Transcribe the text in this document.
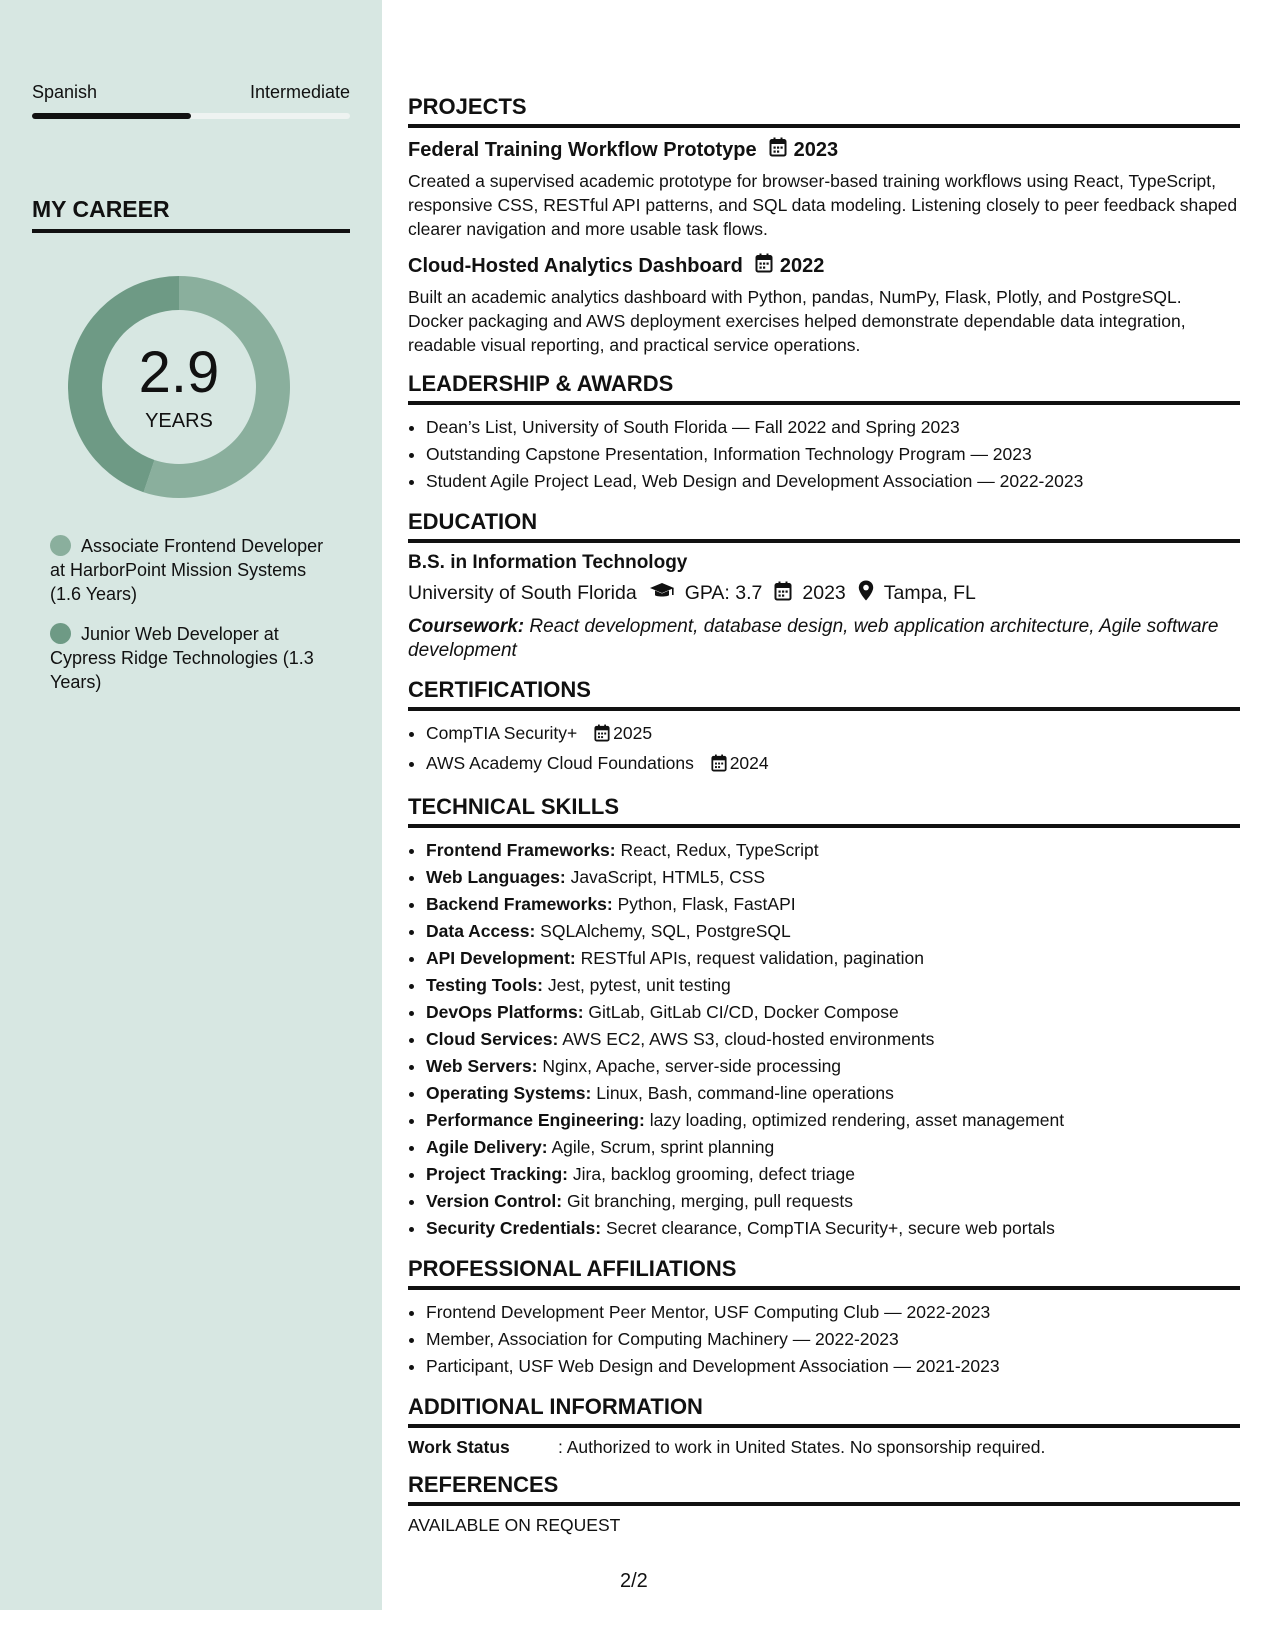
Spanish	Intermediate
MY CAREER
2.9
YEARS
Associate Frontend Developer at HarborPoint Mission Systems (1.6 Years)
Junior Web Developer at Cypress Ridge Technologies (1.3 Years)
PROJECTS
Federal Training Workflow Prototype 2023
Created a supervised academic prototype for browser-based training workflows using React, TypeScript, responsive CSS, RESTful API patterns, and SQL data modeling. Listening closely to peer feedback shaped clearer navigation and more usable task flows.
Cloud-Hosted Analytics Dashboard 2022
Built an academic analytics dashboard with Python, pandas, NumPy, Flask, Plotly, and PostgreSQL. Docker packaging and AWS deployment exercises helped demonstrate dependable data integration, readable visual reporting, and practical service operations.
LEADERSHIP & AWARDS
• Dean’s List, University of South Florida — Fall 2022 and Spring 2023
• Outstanding Capstone Presentation, Information Technology Program — 2023
• Student Agile Project Lead, Web Design and Development Association — 2022-2023
EDUCATION
B.S. in Information Technology
University of South Florida GPA: 3.7 2023 Tampa, FL
Coursework: React development, database design, web application architecture, Agile software development
CERTIFICATIONS
• CompTIA Security+ 2025
• AWS Academy Cloud Foundations 2024
TECHNICAL SKILLS
• Frontend Frameworks: React, Redux, TypeScript
• Web Languages: JavaScript, HTML5, CSS
• Backend Frameworks: Python, Flask, FastAPI
• Data Access: SQLAlchemy, SQL, PostgreSQL
• API Development: RESTful APIs, request validation, pagination
• Testing Tools: Jest, pytest, unit testing
• DevOps Platforms: GitLab, GitLab CI/CD, Docker Compose
• Cloud Services: AWS EC2, AWS S3, cloud-hosted environments
• Web Servers: Nginx, Apache, server-side processing
• Operating Systems: Linux, Bash, command-line operations
• Performance Engineering: lazy loading, optimized rendering, asset management
• Agile Delivery: Agile, Scrum, sprint planning
• Project Tracking: Jira, backlog grooming, defect triage
• Version Control: Git branching, merging, pull requests
• Security Credentials: Secret clearance, CompTIA Security+, secure web portals
PROFESSIONAL AFFILIATIONS
• Frontend Development Peer Mentor, USF Computing Club — 2022-2023
• Member, Association for Computing Machinery — 2022-2023
• Participant, USF Web Design and Development Association — 2021-2023
ADDITIONAL INFORMATION
Work Status	: Authorized to work in United States. No sponsorship required.
REFERENCES
AVAILABLE ON REQUEST
2/2
